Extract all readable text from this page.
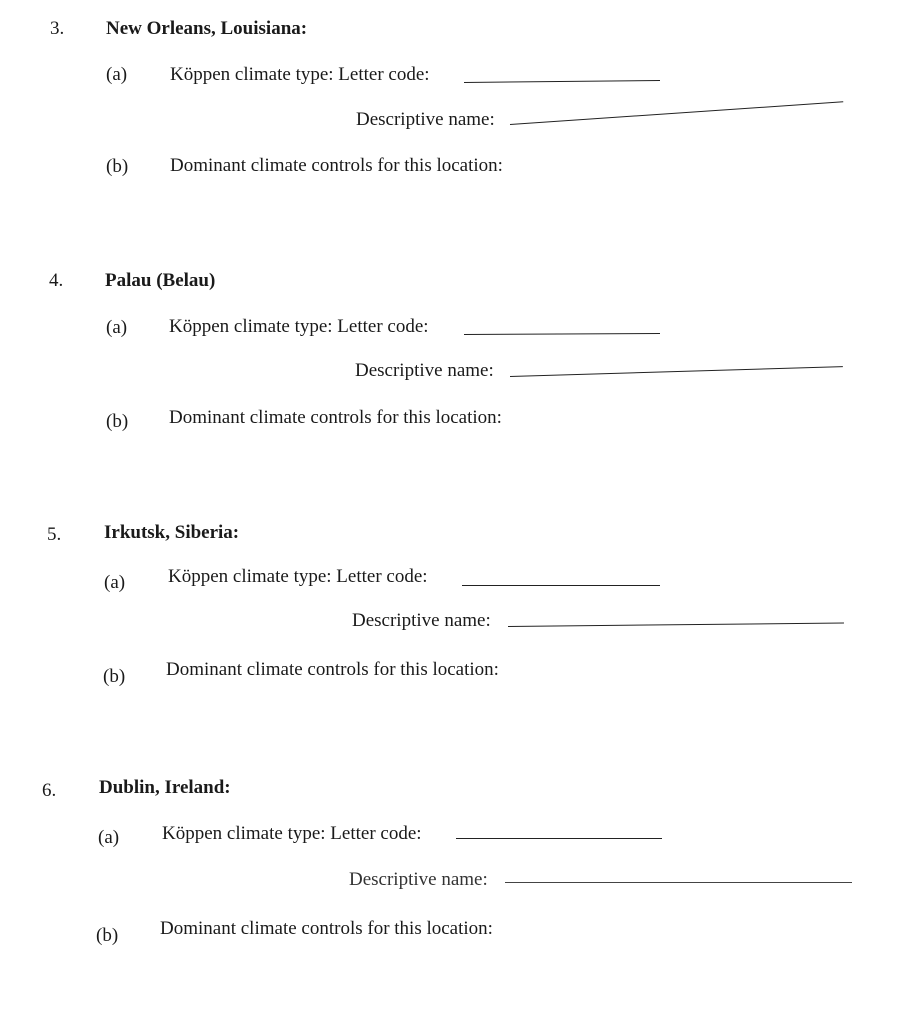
3. New Orleans, Louisiana:
(a) Köppen climate type: Letter code:
Descriptive name:
(b) Dominant climate controls for this location:
4. Palau (Belau)
(a) Köppen climate type: Letter code:
Descriptive name:
(b) Dominant climate controls for this location:
5. Irkutsk, Siberia:
(a) Köppen climate type: Letter code:
Descriptive name:
(b) Dominant climate controls for this location:
6. Dublin, Ireland:
(a) Köppen climate type: Letter code:
Descriptive name:
(b) Dominant climate controls for this location:
